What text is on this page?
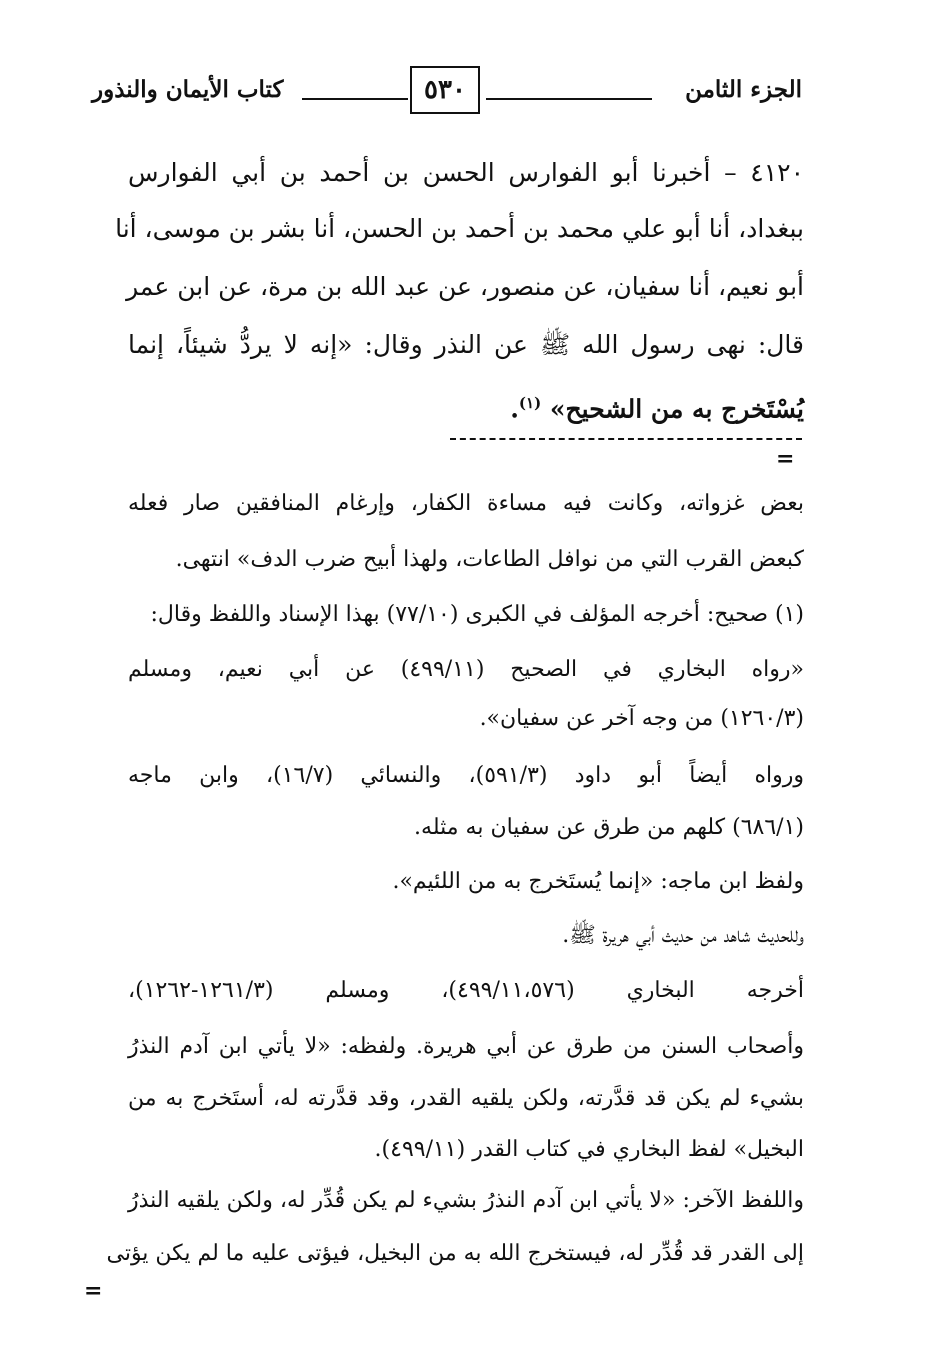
الجزء الثامن
٥٣٠
كتاب الأيمان والنذور
٤١٢٠ – أخبرنا أبو الفوارس الحسن بن أحمد بن أبي الفوارس
ببغداد، أنا أبو علي محمد بن أحمد بن الحسن، أنا بشر بن موسى، أنا
أبو نعيم، أنا سفيان، عن منصور، عن عبد الله بن مرة، عن ابن عمر
قال: نهى رسول الله ﷺ عن النذر وقال: «إنه لا يردُّ شيئاً، إنما
يُسْتَخرج به من الشحيح» $^{(١)}$.
=
بعض غزواته، وكانت فيه مساءة الكفار، وإرغام المنافقين صار فعله
كبعض القرب التي من نوافل الطاعات، ولهذا أبيح ضرب الدف» انتهى.
(١) صحيح: أخرجه المؤلف في الكبرى (٧٧/١٠) بهذا الإسناد واللفظ وقال:
«رواه البخاري في الصحيح (٤٩٩/١١) عن أبي نعيم، ومسلم
(١٢٦٠/٣) من وجه آخر عن سفيان».
ورواه أيضاً أبو داود (٥٩١/٣)، والنسائي (١٦/٧)، وابن ماجه
(٦٨٦/١) كلهم من طرق عن سفيان به مثله.
ولفظ ابن ماجه: «إنما يُستَخرج به من اللئيم».
وللحديث شاهد من حديث أبي هريرة ﷺ.
أخرجه البخاري (٤٩٩/١١،٥٧٦)، ومسلم (١٢٦١/٣-١٢٦٢)،
وأصحاب السنن من طرق عن أبي هريرة. ولفظه: «لا يأتي ابن آدم النذرُ
بشيء لم يكن قد قدَّرته، ولكن يلقيه القدر، وقد قدَّرته له، أستَخرج به من
البخيل» لفظ البخاري في كتاب القدر (٤٩٩/١١).
واللفظ الآخر: «لا يأتي ابن آدم النذرُ بشيء لم يكن قُدِّر له، ولكن يلقيه النذرُ
إلى القدر قد قُدِّر له، فيستخرج الله به من البخيل، فيؤتى عليه ما لم يكن يؤتى
=
